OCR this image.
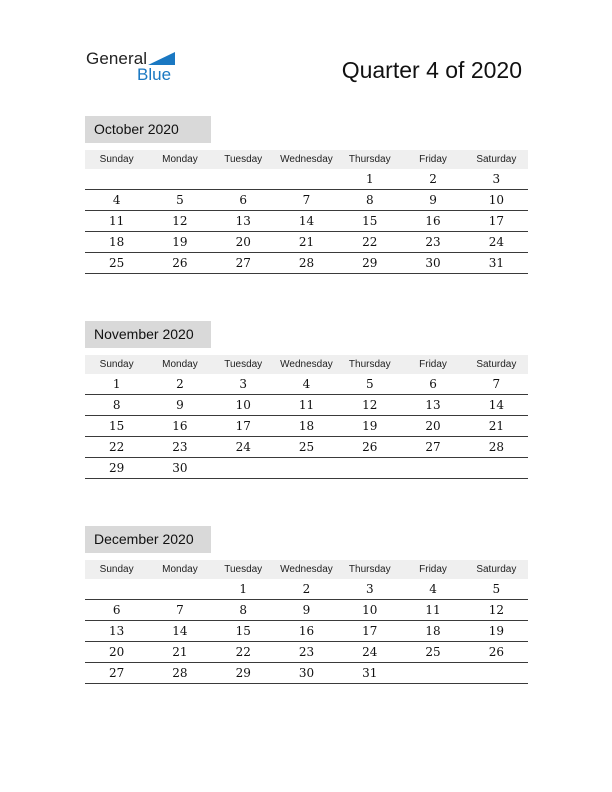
General
Blue	Quarter 4 of 2020
October 2020
Sunday	Monday	Tuesday	Wednesday	Thursday	Friday	Saturday
				1	2	3
4	5	6	7	8	9	10
11	12	13	14	15	16	17
18	19	20	21	22	23	24
25	26	27	28	29	30	31
November 2020
Sunday	Monday	Tuesday	Wednesday	Thursday	Friday	Saturday
1	2	3	4	5	6	7
8	9	10	11	12	13	14
15	16	17	18	19	20	21
22	23	24	25	26	27	28
29	30					
December 2020
Sunday	Monday	Tuesday	Wednesday	Thursday	Friday	Saturday
		1	2	3	4	5
6	7	8	9	10	11	12
13	14	15	16	17	18	19
20	21	22	23	24	25	26
27	28	29	30	31		
